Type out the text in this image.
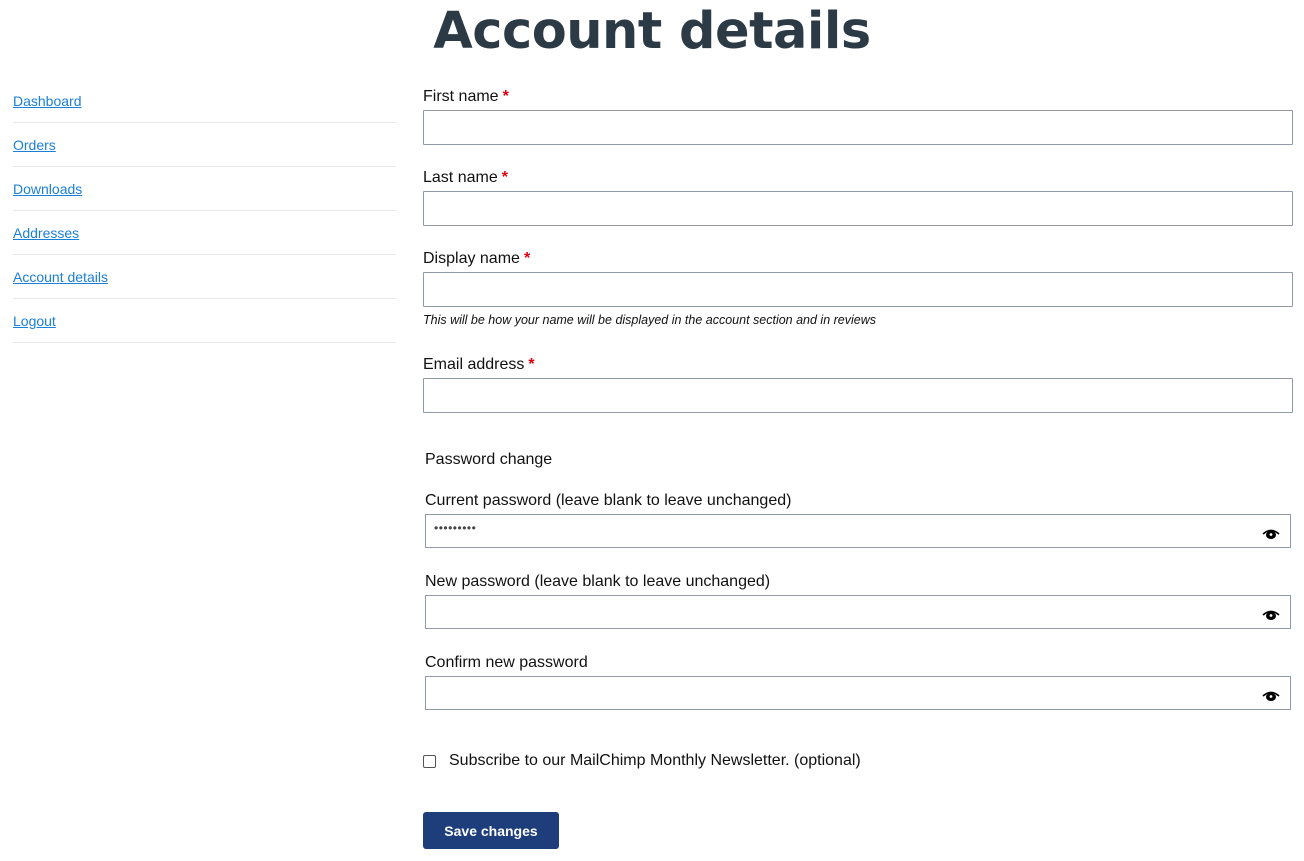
Account details
Dashboard
Orders
Downloads
Addresses
Account details
Logout
First name *
Last name *
Display name *
This will be how your name will be displayed in the account section and in reviews
Email address *
Password change
Current password (leave blank to leave unchanged)
•••••••••
New password (leave blank to leave unchanged)
Confirm new password
Subscribe to our MailChimp Monthly Newsletter. (optional)
Save changes
